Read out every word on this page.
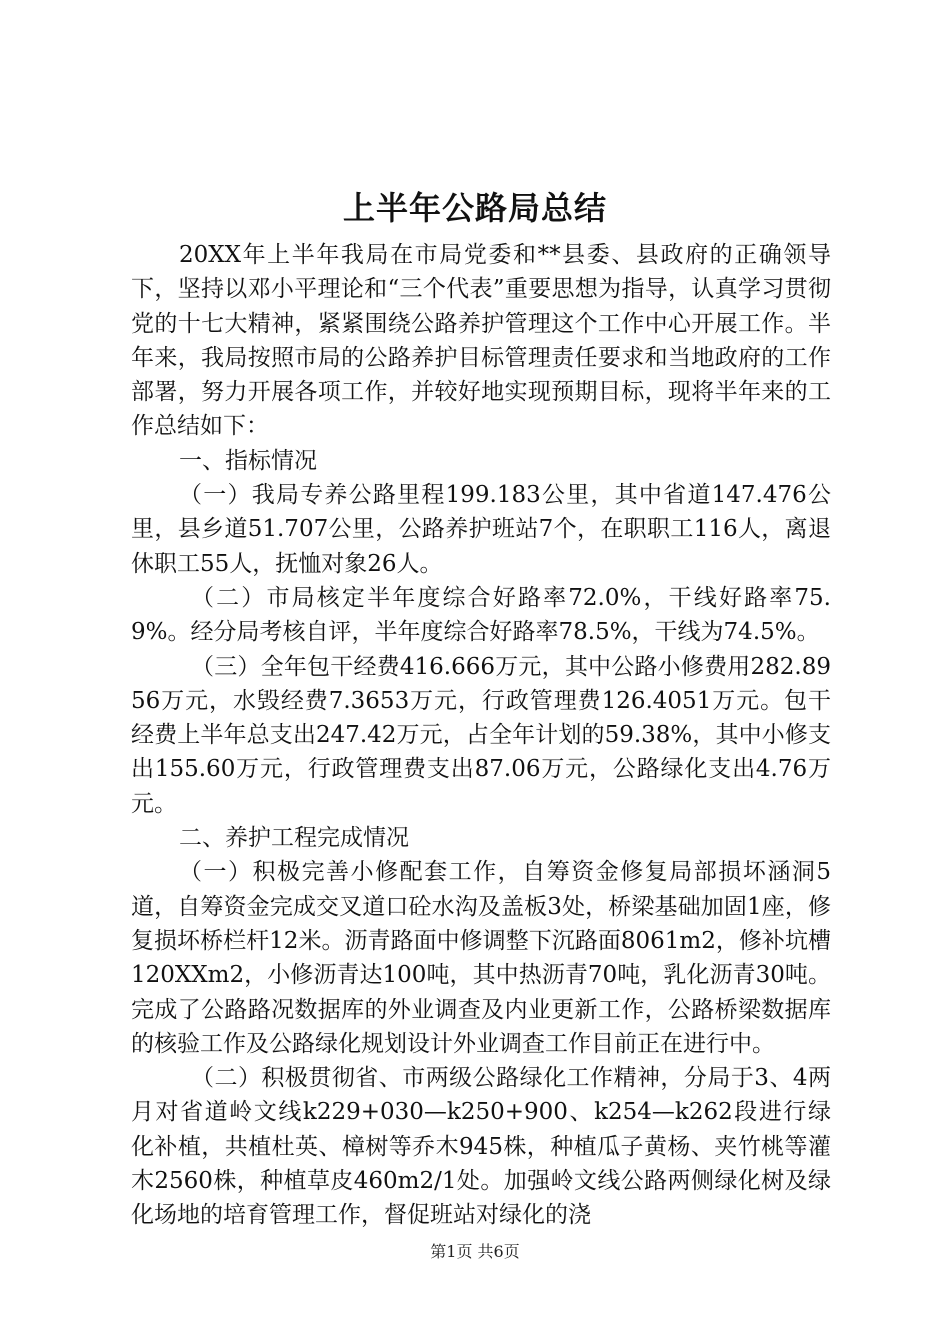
上半年公路局总结

20XX年上半年我局在市局党委和**县委、县政府的正确领导下，坚持以邓小平理论和“三个代表”重要思想为指导，认真学习贯彻党的十七大精神，紧紧围绕公路养护管理这个工作中心开展工作。半年来，我局按照市局的公路养护目标管理责任要求和当地政府的工作部署，努力开展各项工作，并较好地实现预期目标，现将半年来的工作总结如下：

一、指标情况

（一）我局专养公路里程199.183公里，其中省道147.476公里，县乡道51.707公里，公路养护班站7个，在职职工116人，离退休职工55人，抚恤对象26人。

（二）市局核定半年度综合好路率72.0%，干线好路率75.9%。经分局考核自评，半年度综合好路率78.5%，干线为74.5%。

（三）全年包干经费416.666万元，其中公路小修费用282.8956万元，水毁经费7.3653万元，行政管理费126.4051万元。包干经费上半年总支出247.42万元，占全年计划的59.38%，其中小修支出155.60万元，行政管理费支出87.06万元，公路绿化支出4.76万元。

二、养护工程完成情况

（一）积极完善小修配套工作，自筹资金修复局部损坏涵洞5道，自筹资金完成交叉道口砼水沟及盖板3处，桥梁基础加固1座，修复损坏桥栏杆12米。沥青路面中修调整下沉路面8061m2，修补坑槽120XXm2，小修沥青达100吨，其中热沥青70吨，乳化沥青30吨。完成了公路路况数据库的外业调查及内业更新工作，公路桥梁数据库的核验工作及公路绿化规划设计外业调查工作目前正在进行中。

（二）积极贯彻省、市两级公路绿化工作精神，分局于3、4两月对省道岭文线k229+030—k250+900、k254—k262段进行绿化补植，共植杜英、樟树等乔木945株，种植瓜子黄杨、夹竹桃等灌木2560株，种植草皮460m2/1处。加强岭文线公路两侧绿化树及绿化场地的培育管理工作，督促班站对绿化的浇

第1页 共6页
